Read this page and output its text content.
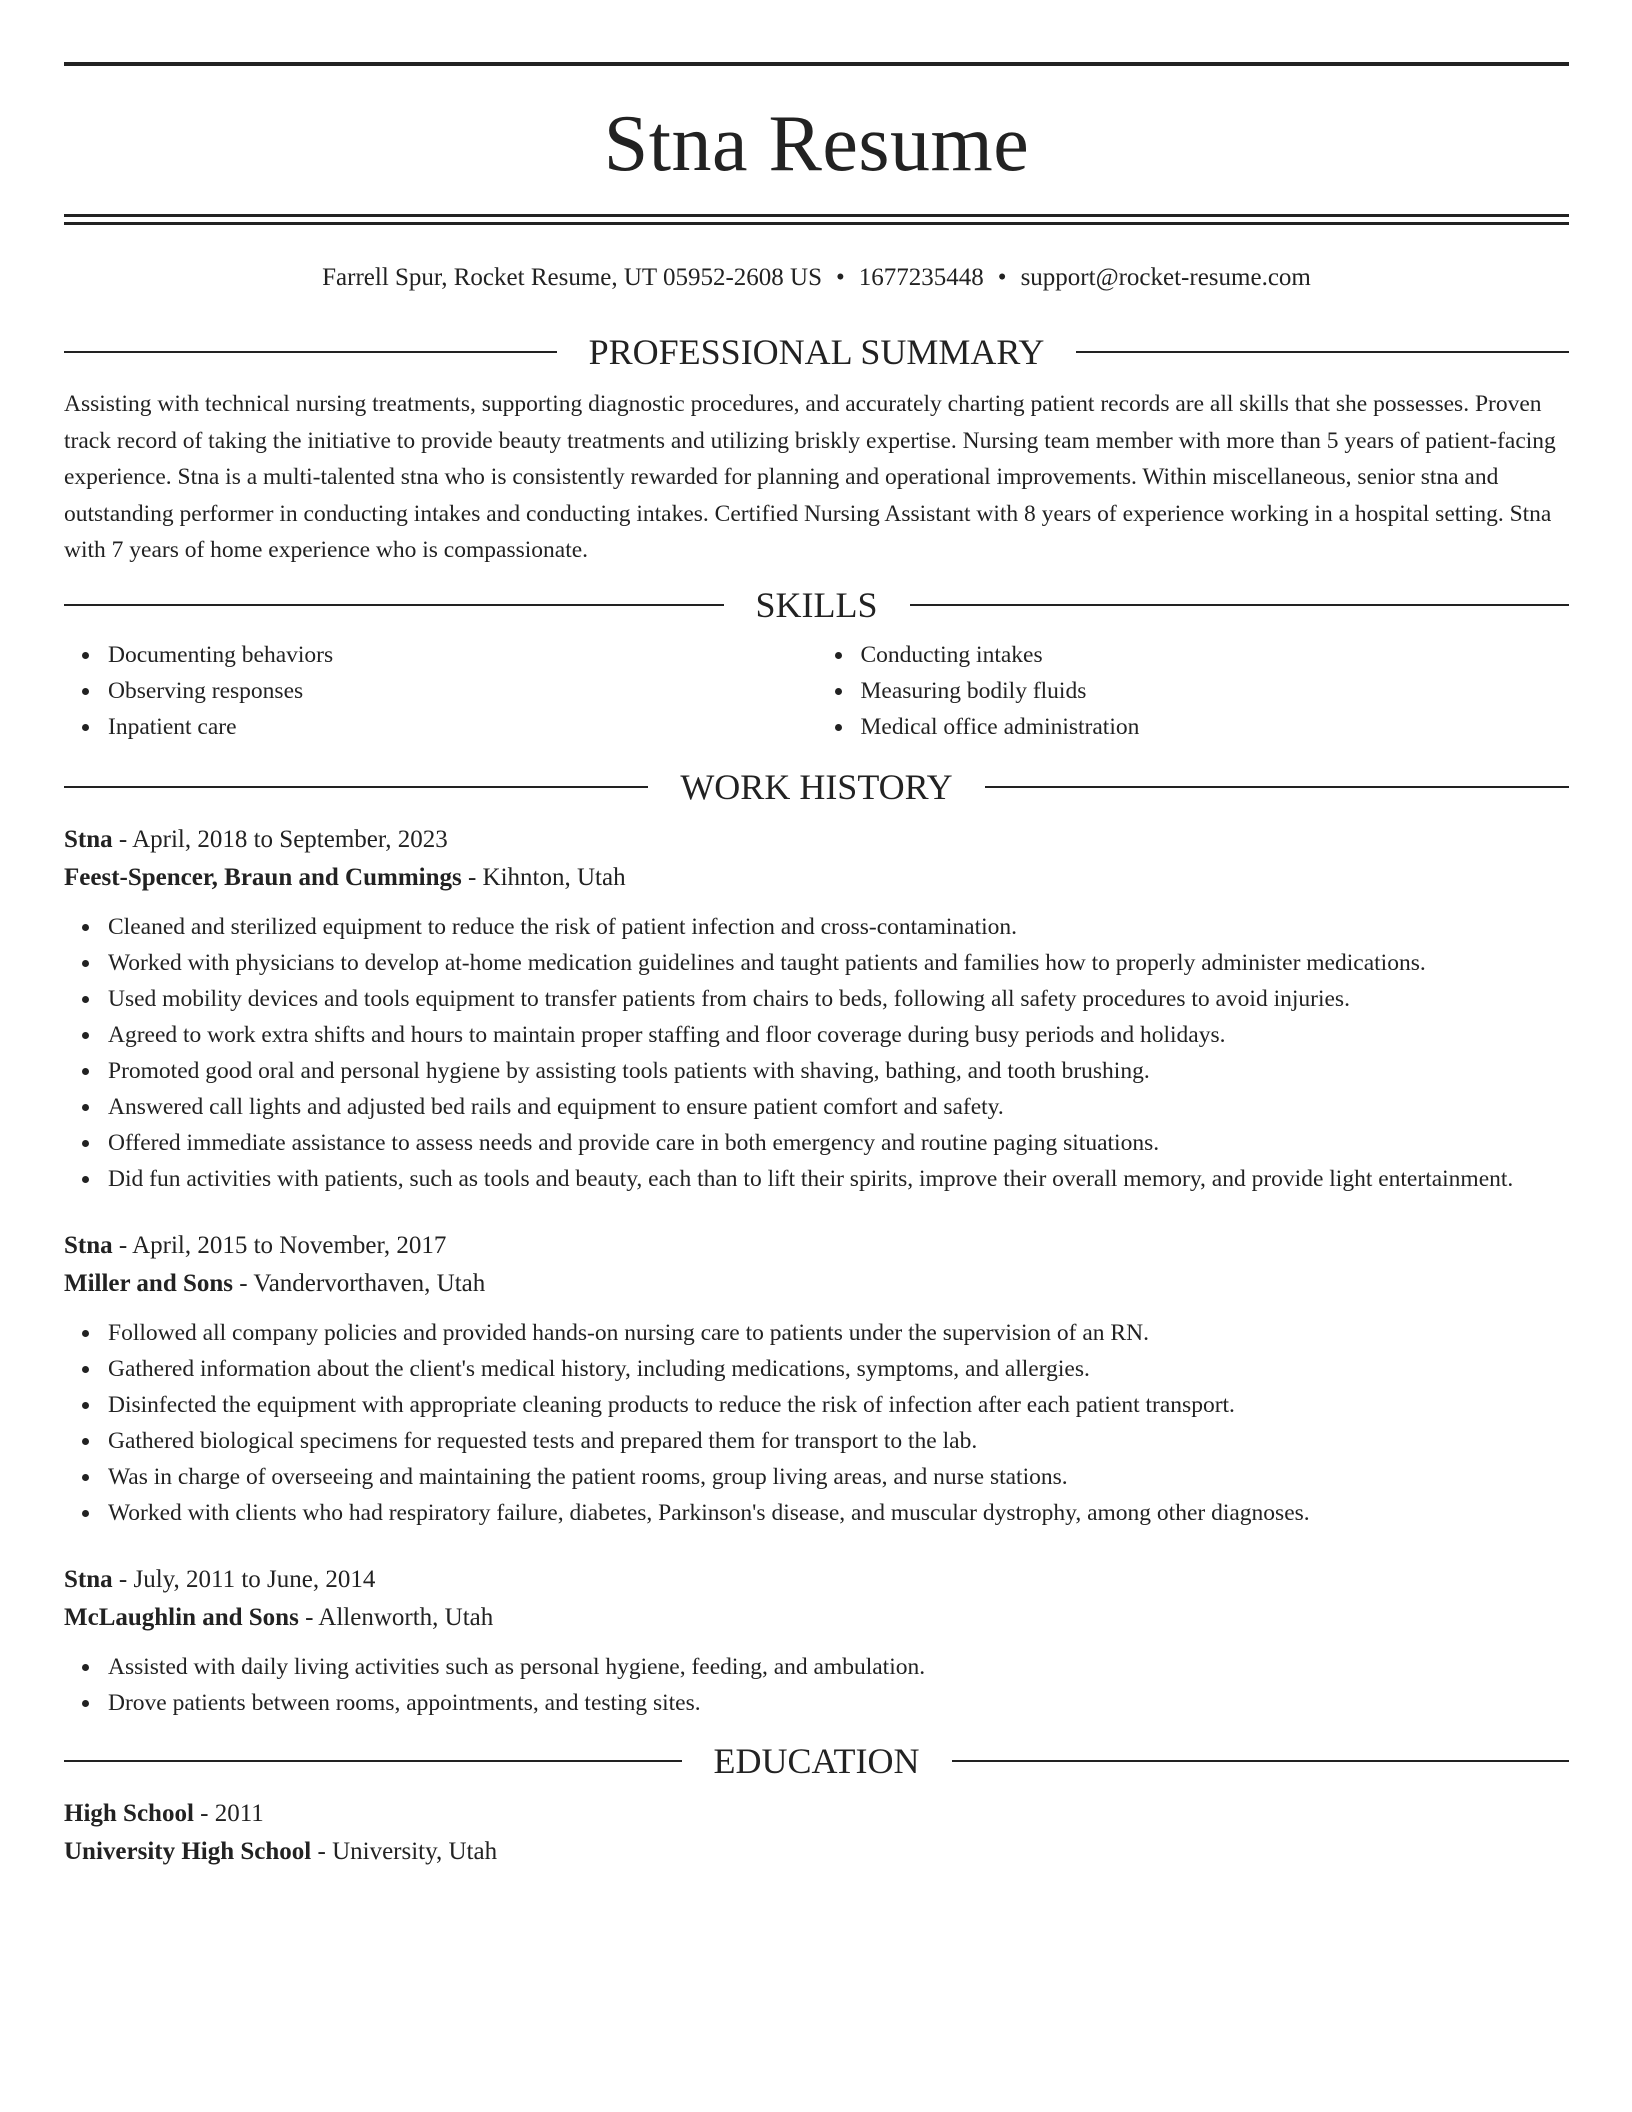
Stna Resume
Farrell Spur, Rocket Resume, UT 05952-2608 US • 1677235448 • support@rocket-resume.com
PROFESSIONAL SUMMARY

Assisting with technical nursing treatments, supporting diagnostic procedures, and accurately charting patient records are all skills that she possesses. Proven track record of taking the initiative to provide beauty treatments and utilizing briskly expertise. Nursing team member with more than 5 years of patient-facing experience. Stna is a multi-talented stna who is consistently rewarded for planning and operational improvements. Within miscellaneous, senior stna and outstanding performer in conducting intakes and conducting intakes. Certified Nursing Assistant with 8 years of experience working in a hospital setting. Stna with 7 years of home experience who is compassionate.

SKILLS
Documenting behaviors
Observing responses
Inpatient care
Conducting intakes
Measuring bodily fluids
Medical office administration
WORK HISTORY
Stna - April, 2018 to September, 2023
Feest-Spencer, Braun and Cummings - Kihnton, Utah
Cleaned and sterilized equipment to reduce the risk of patient infection and cross-contamination.
Worked with physicians to develop at-home medication guidelines and taught patients and families how to properly administer medications.
Used mobility devices and tools equipment to transfer patients from chairs to beds, following all safety procedures to avoid injuries.
Agreed to work extra shifts and hours to maintain proper staffing and floor coverage during busy periods and holidays.
Promoted good oral and personal hygiene by assisting tools patients with shaving, bathing, and tooth brushing.
Answered call lights and adjusted bed rails and equipment to ensure patient comfort and safety.
Offered immediate assistance to assess needs and provide care in both emergency and routine paging situations.
Did fun activities with patients, such as tools and beauty, each than to lift their spirits, improve their overall memory, and provide light entertainment.
Stna - April, 2015 to November, 2017
Miller and Sons - Vandervorthaven, Utah
Followed all company policies and provided hands-on nursing care to patients under the supervision of an RN.
Gathered information about the client's medical history, including medications, symptoms, and allergies.
Disinfected the equipment with appropriate cleaning products to reduce the risk of infection after each patient transport.
Gathered biological specimens for requested tests and prepared them for transport to the lab.
Was in charge of overseeing and maintaining the patient rooms, group living areas, and nurse stations.
Worked with clients who had respiratory failure, diabetes, Parkinson's disease, and muscular dystrophy, among other diagnoses.
Stna - July, 2011 to June, 2014
McLaughlin and Sons - Allenworth, Utah
Assisted with daily living activities such as personal hygiene, feeding, and ambulation.
Drove patients between rooms, appointments, and testing sites.
EDUCATION
High School - 2011
University High School - University, Utah
